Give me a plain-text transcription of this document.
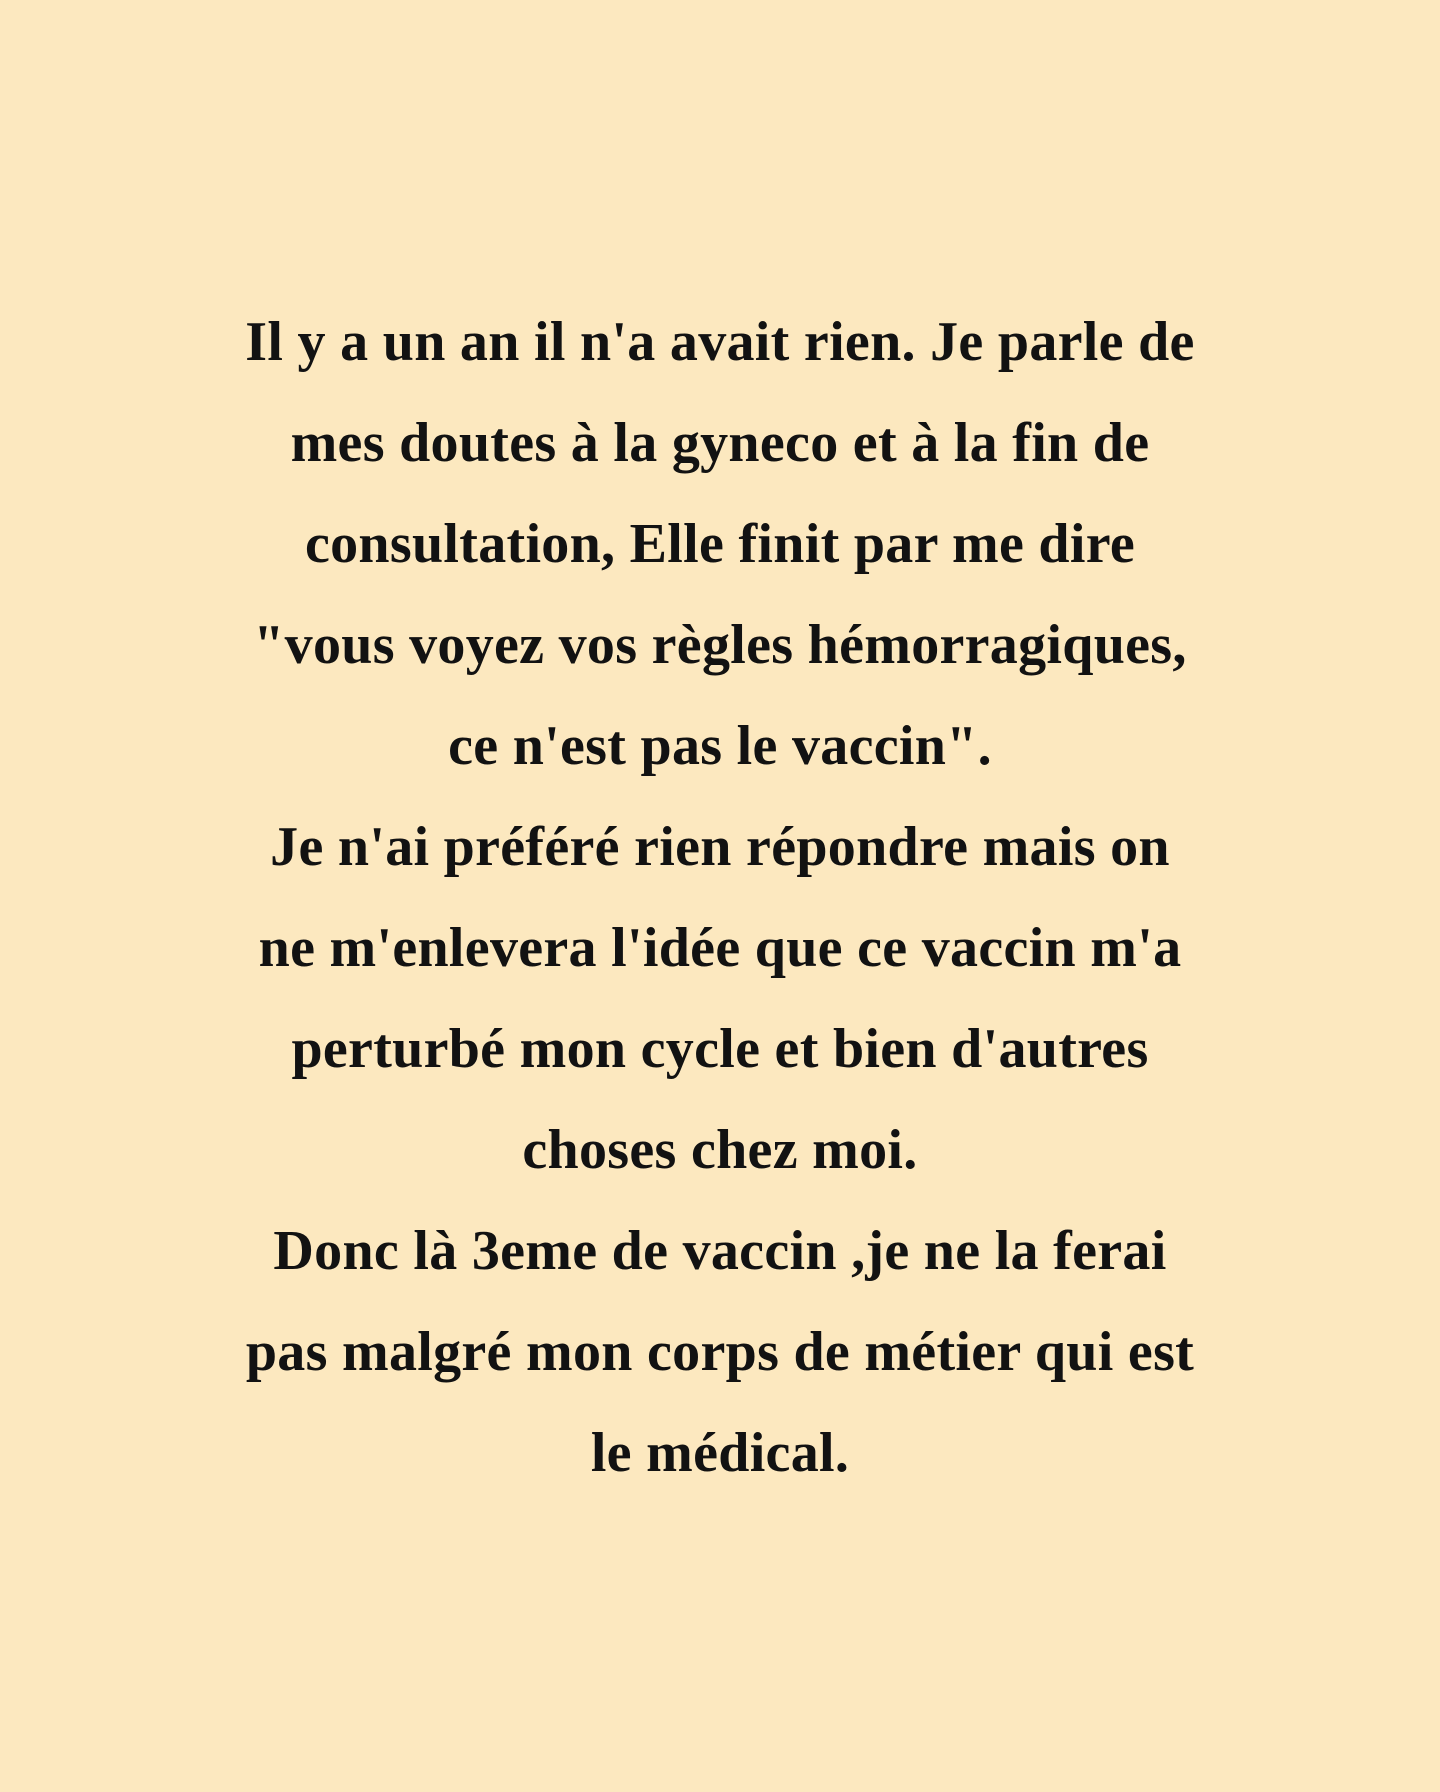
Il y a un an il n'a avait rien. Je parle de
mes doutes à la gyneco et à la fin de
consultation, Elle finit par me dire
"vous voyez vos règles hémorragiques,
ce n'est pas le vaccin".
Je n'ai préféré rien répondre mais on
ne m'enlevera l'idée que ce vaccin m'a
perturbé mon cycle et bien d'autres
choses chez moi.
Donc là 3eme de vaccin ,je ne la ferai
pas malgré mon corps de métier qui est
le médical.
